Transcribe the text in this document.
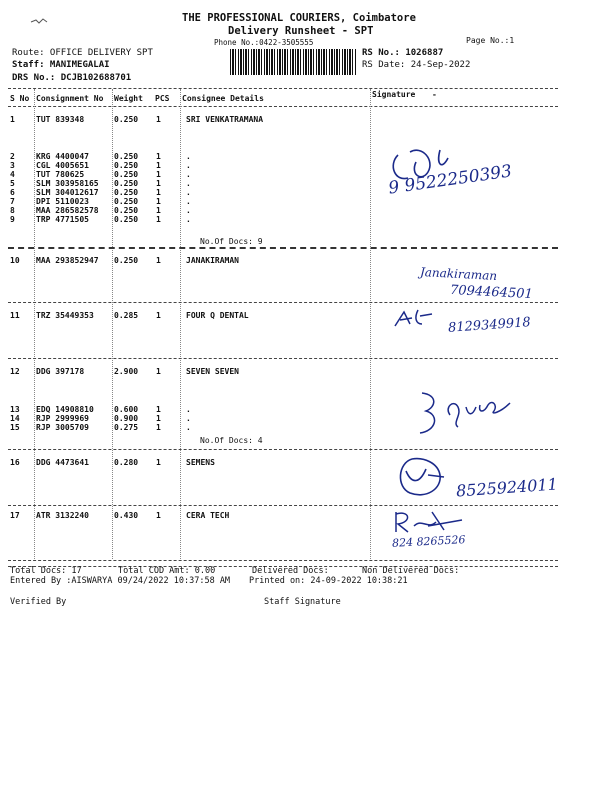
THE PROFESSIONAL COURIERS, Coimbatore
Delivery Runsheet - SPT
Phone No.:0422-3505555	Page No.:1
Route: OFFICE DELIVERY SPT
Staff: MANIMEGALAI
DRS No.: DCJB102688701
RS No.: 1026887
RS Date: 24-Sep-2022
S No Consignment No Weight PCS Consignee Details	Signature -
1	TUT 839348	0.250 1	SRI VENKATRAMANA
2	KRG 4400047	0.250 1	.
3	CGL 4005651	0.250 1	.
4	TUT 780625	0.250 1	.
5	SLM 303958165 0.250 1	.
6	SLM 304012617 0.250 1	.
7	DPI 5110023	0.250 1	.
8	MAA 286582578 0.250 1	.
9	TRP 4771505	0.250 1	.
10 MAA 293852947 0.250 1	JANAKIRAMAN
11 TRZ 35449353	0.285 1	FOUR Q DENTAL
12 DDG 397178	2.900 1	SEVEN SEVEN
13 EDQ 14908810	0.600 1	.
14 RJP 2999969	0.900 1	.
15 RJP 3005709	0.275 1	.
16 DDG 4473641	0.280 1	SEMENS
17 ATR 3132240	0.430 1	CERA TECH
No.Of Docs: 9
No.Of Docs: 4
9 9522250393
Janakiraman
7094464501
8129349918
8525924011
824 8265526
Total Docs: 17	Total COD Amt: 0.00	Delivered Docs:	Non Delivered Docs:
Entered By :AISWARYA 09/24/2022 10:37:58 AM Printed on: 24-09-2022 10:38:21
Verified By	Staff Signature
